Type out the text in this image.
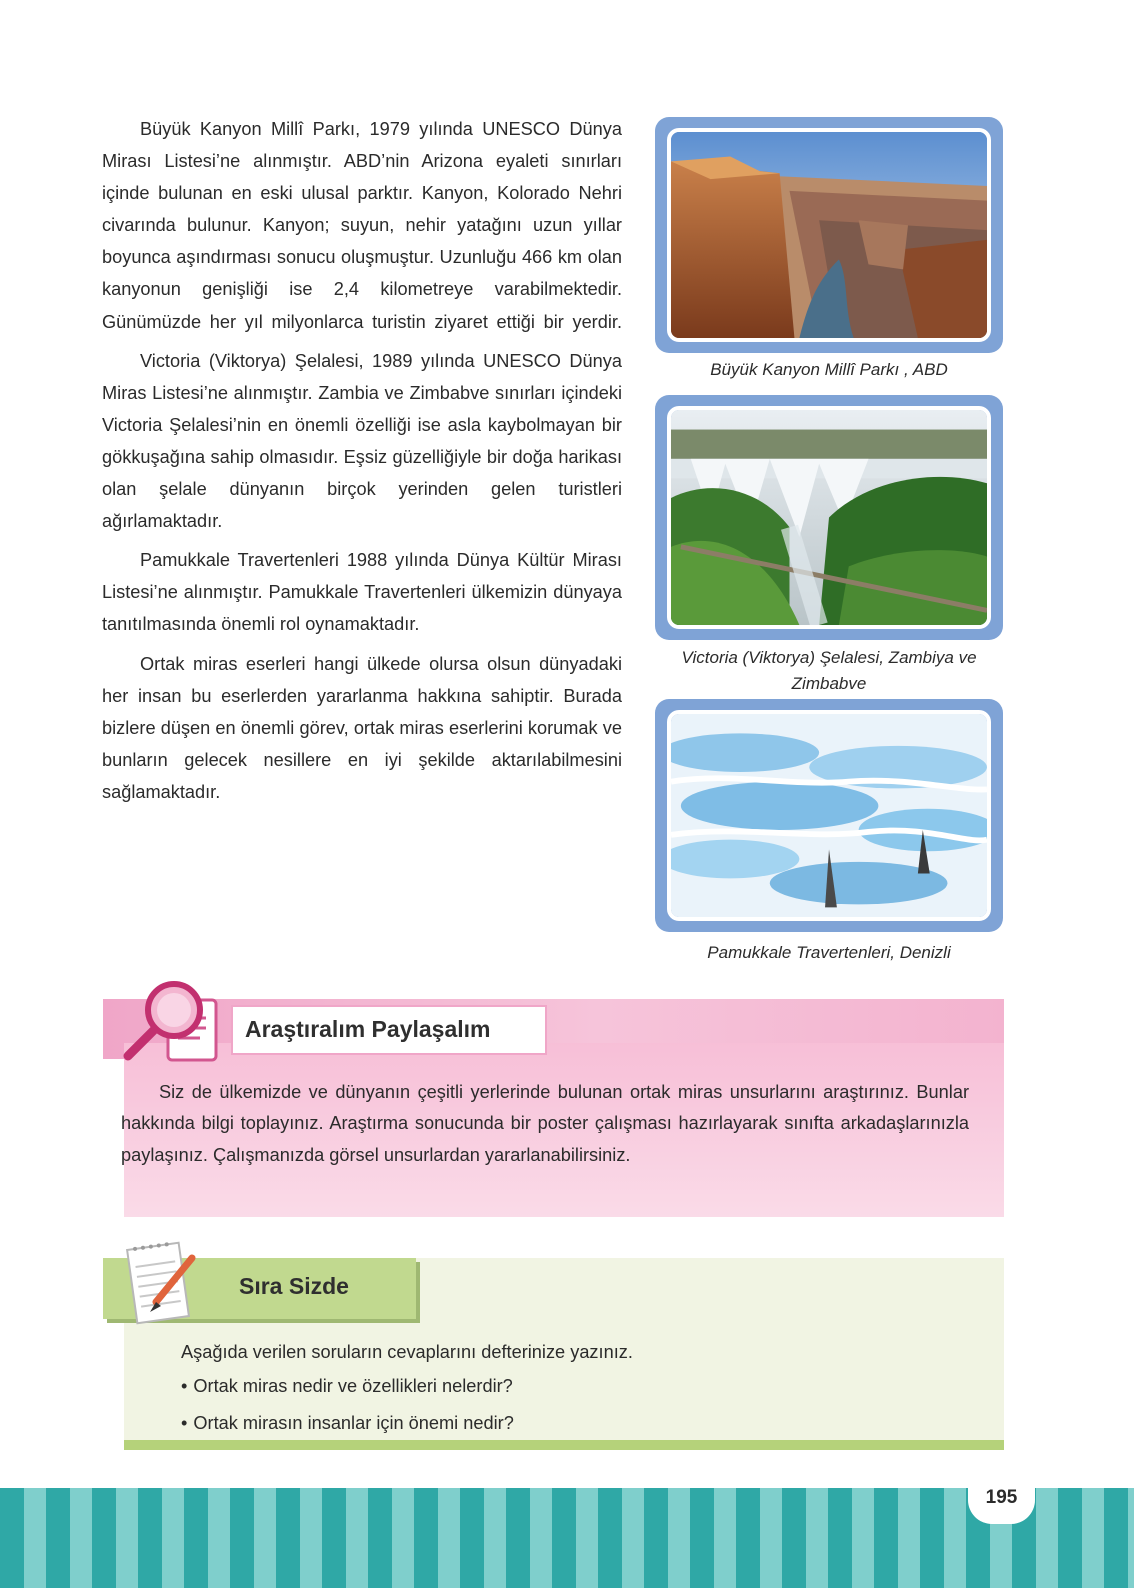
Büyük Kanyon Millî Parkı, 1979 yılında UNESCO Dünya Mirası Listesi’ne alınmıştır. ABD’nin Arizona eyaleti sınırları içinde bulunan en eski ulusal parktır. Kanyon, Kolorado Nehri civarında bulunur. Kanyon; suyun, nehir yatağını uzun yıllar boyunca aşındırması sonucu oluşmuştur. Uzunluğu 466 km olan kanyonun genişliği ise 2,4 kilometreye varabilmektedir. Günümüzde her yıl milyonlarca turistin ziyaret ettiği bir yerdir.

Victoria (Viktorya) Şelalesi, 1989 yılında UNESCO Dünya Miras Listesi’ne alınmıştır. Zambia ve Zimbabve sınırları içindeki Victoria Şelalesi’nin en önemli özelliği ise asla kaybolmayan bir gökkuşağına sahip olmasıdır. Eşsiz güzelliğiyle bir doğa harikası olan şelale dünyanın birçok yerinden gelen turistleri ağırlamaktadır.

Pamukkale Travertenleri 1988 yılında Dünya Kültür Mirası Listesi’ne alınmıştır. Pamukkale Travertenleri ülkemizin dünyaya tanıtılmasında önemli rol oynamaktadır.

Ortak miras eserleri hangi ülkede olursa olsun dünyadaki her insan bu eserlerden yararlanma hakkına sahiptir. Burada bizlere düşen en önemli görev, ortak miras eserlerini korumak ve bunların gelecek nesillere en iyi şekilde aktarılabilmesini sağlamaktadır.

Büyük Kanyon Millî Parkı , ABD
Victoria (Viktorya) Şelalesi, Zambiya ve Zimbabve
Pamukkale Travertenleri, Denizli
Araştıralım Paylaşalım

Siz de ülkemizde ve dünyanın çeşitli yerlerinde bulunan ortak miras unsurlarını araştırınız. Bunlar hakkında bilgi toplayınız. Araştırma sonucunda bir poster çalışması hazırlayarak sınıfta arkadaşlarınızla paylaşınız. Çalışmanızda görsel unsurlardan yararlanabilirsiniz.

Sıra Sizde

Aşağıda verilen soruların cevaplarını defterinize yazınız.

• Ortak miras nedir ve özellikleri nelerdir?
• Ortak mirasın insanlar için önemi nedir?
195
